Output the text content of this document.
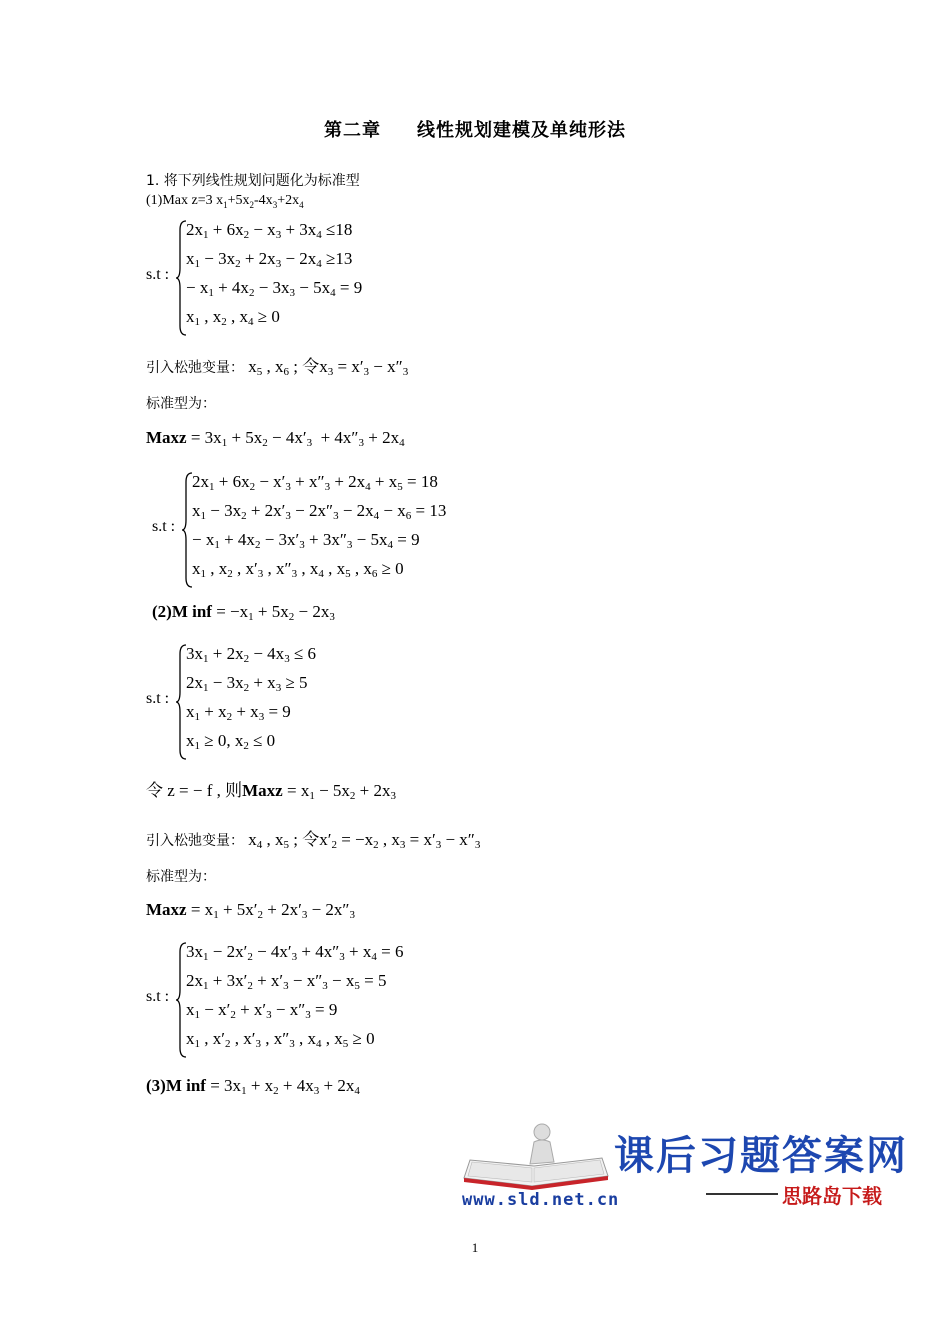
第二章 线性规划建模及单纯形法
1. 将下列线性规划问题化为标准型
(1)Max z=3 $x_1+5x_2-4x_3+2x_4$
s.t :
$2x_1 + 6x_2 - x_3 + 3x_4 \le 18$
$x_1 - 3x_2 + 2x_3 - 2x_4 \ge 13$
− $x_1 + 4x_2 - 3x_3 - 5x_4 = 9$
$x_1$ , $x_2$ , $x_4 \ge 0$
引入松弛变量： $x_5$ , $x_6$ ; 令$x_3 = x'_3 - x''_3$
标准型为：
Maxz = $3x_1 + 5x_2 - 4x'_3 + 4x''_3 + 2x_4$
s.t :
$2x_1 + 6x_2 - x'_3 + x''_3 + 2x_4 + x_5 = 18$
$x_1 - 3x_2 + 2x'_3 - 2x''_3 - 2x_4 - x_6 = 13$
− $x_1 + 4x_2 - 3x'_3 + 3x''_3 - 5x_4 = 9$
$x_1$ , $x_2$ , $x'_3$ , $x''_3$ , $x_4$ , $x_5$ , $x_6 \ge 0$
(2)M inf = $-x_1 + 5x_2 - 2x_3$
s.t :
$3x_1 + 2x_2 - 4x_3 \le 6$
$2x_1 - 3x_2 + x_3 \ge 5$
$x_1 + x_2 + x_3 = 9$
$x_1 \ge 0$, $x_2 \le 0$
令 z = − f , 则Maxz = $x_1 - 5x_2 + 2x_3$
引入松弛变量： $x_4$ , $x_5$ ; 令$x'_2 = -x_2$ , $x_3 = x'_3 - x''_3$
标准型为：
Maxz = $x_1 + 5x'_2 + 2x'_3 - 2x''_3$
s.t :
$3x_1 - 2x'_2 - 4x'_3 + 4x''_3 + x_4 = 6$
$2x_1 + 3x'_2 + x'_3 - x''_3 - x_5 = 5$
$x_1 - x'_2 + x'_3 - x''_3 = 9$
$x_1$ , $x'_2$ , $x'_3$ , $x''_3$ , $x_4$ , $x_5 \ge 0$
(3)M inf = $3x_1 + x_2 + 4x_3 + 2x_4$
www.sld.net.cn
课后习题答案网
思路岛下载
1
